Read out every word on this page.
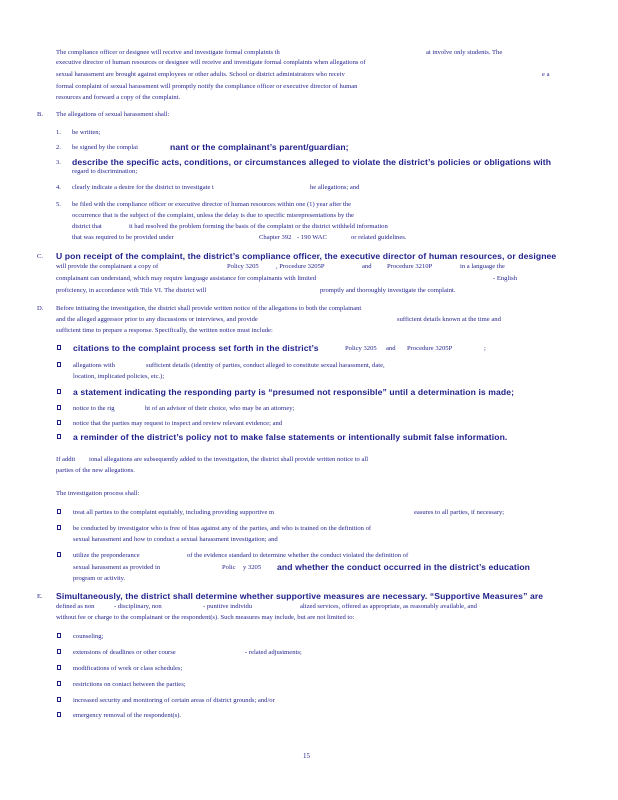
The compliance officer or designee will receive and investigate formal complaints th	at involve only students. The
executive director of human resources or designee will receive and investigate formal complaints when allegations of
sexual harassment are brought against employees or other adults. School or district administrators who receiv	e a
formal complaint of sexual harassment will promptly notify the compliance officer or executive director of human
resources and forward a copy of the complaint.
B. The allegations of sexual harassment shall:
1. be written;
2. be signed by the complai	nant or the complainant’s parent/guardian;
3. describe the specific acts, conditions, or circumstances alleged to violate the district’s policies or obligations with
regard to discrimination;
4. clearly indicate a desire for the district to investigate t	he allegations; and
5. be filed with the compliance officer or executive director of human resources within one (1) year after the
occurrence that is the subject of the complaint, unless the delay is due to specific misrepresentations by the
district that	it had resolved the problem forming the basis of the complaint or the district withheld information
that was required to be provided under	Chapter 392 - 190 WAC	or related guidelines.
C. U pon receipt of the complaint, the district’s compliance officer, the executive director of human resources, or designee
will provide the complainant a copy of	Policy 3205	, Procedure 3205P	and Procedure 3210P	in a language the
complainant can understand, which may require language assistance for complainants with limited	- English
proficiency, in accordance with Title VI. The district will	promptly and thoroughly investigate the complaint.
D. Before initiating the investigation, the district shall provide written notice of the allegations to both the complainant
and the alleged aggressor prior to any discussions or interviews, and provide	sufficient details known at the time and
sufficient time to prepare a response. Specifically, the written notice must include:
citations to the complaint process set forth in the district’s	Policy 3205 and Procedure 3205P	;
allegations with	sufficient details (identity of parties, conduct alleged to constitute sexual harassment, date,
location, implicated policies, etc.);
a statement indicating the responding party is “presumed not responsible” until a determination is made;
notice to the rig	ht of an advisor of their choice, who may be an attorney;
notice that the parties may request to inspect and review relevant evidence; and
a reminder of the district’s policy not to make false statements or intentionally submit false information.
If addit ional allegations are subsequently added to the investigation, the district shall provide written notice to all
parties of the new allegations.
The investigation process shall:
treat all parties to the complaint equitably, including providing supportive m	easures to all parties, if necessary;
be conducted by investigator who is free of bias against any of the parties, and who is trained on the definition of
sexual harassment and how to conduct a sexual harassment investigation; and
utilize the preponderance	of the evidence standard to determine whether the conduct violated the definition of
sexual harassment as provided in	Polic y 3205 and whether the conduct occurred in the district’s education
program or activity.
E. Simultaneously, the district shall determine whether supportive measures are necessary. “Supportive Measures” are
defined as non	- disciplinary, non	- punitive individu	alized services, offered as appropriate, as reasonably available, and
without fee or charge to the complainant or the respondent(s). Such measures may include, but are not limited to:
counseling;
extensions of deadlines or other course	- related adjustments;
modifications of work or class schedules;
restrictions on contact between the parties;
increased security and monitoring of certain areas of district grounds; and/or
emergency removal of the respondent(s).
15
